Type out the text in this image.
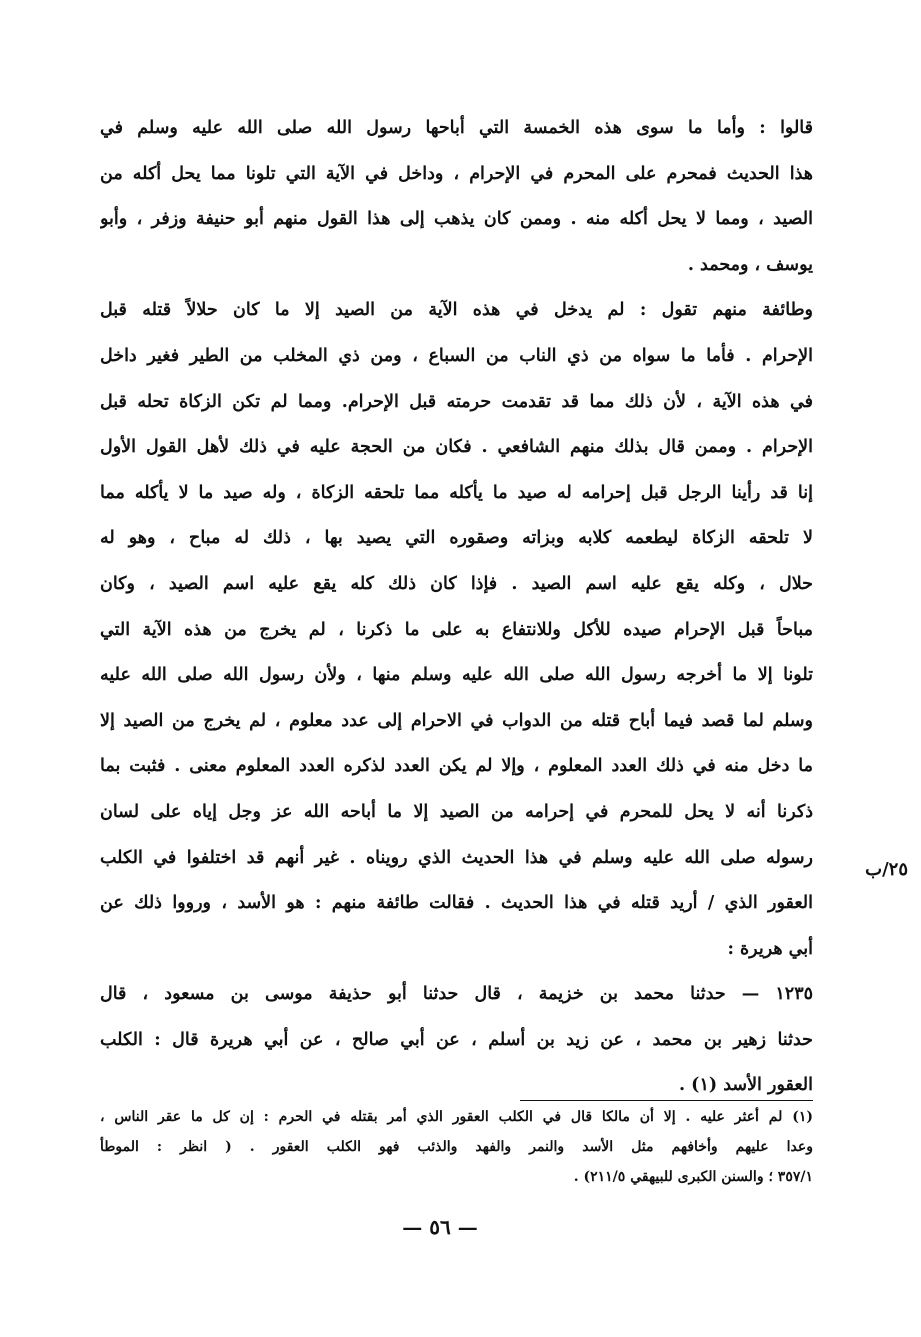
قالوا : وأما ما سوى هذه الخمسة التي أباحها رسول الله صلى الله عليه وسلم في
هذا الحديث فمحرم على المحرم في الإحرام ، وداخل في الآية التي تلونا مما يحل أكله من
الصيد ، ومما لا يحل أكله منه . وممن كان يذهب إلى هذا القول منهم أبو حنيفة وزفر ، وأبو
يوسف ، ومحمد .
وطائفة منهم تقول : لم يدخل في هذه الآية من الصيد إلا ما كان حلالاً قتله قبل
الإحرام . فأما ما سواه من ذي الناب من السباع ، ومن ذي المخلب من الطير فغير داخل
في هذه الآية ، لأن ذلك مما قد تقدمت حرمته قبل الإحرام. ومما لم تكن الزكاة تحله قبل
الإحرام . وممن قال بذلك منهم الشافعي . فكان من الحجة عليه في ذلك لأهل القول الأول
إنا قد رأينا الرجل قبل إحرامه له صيد ما يأكله مما تلحقه الزكاة ، وله صيد ما لا يأكله مما
لا تلحقه الزكاة ليطعمه كلابه وبزاته وصقوره التي يصيد بها ، ذلك له مباح ، وهو له
حلال ، وكله يقع عليه اسم الصيد . فإذا كان ذلك كله يقع عليه اسم الصيد ، وكان
مباحاً قبل الإحرام صيده للأكل وللانتفاع به على ما ذكرنا ، لم يخرج من هذه الآية التي
تلونا إلا ما أخرجه رسول الله صلى الله عليه وسلم منها ، ولأن رسول الله صلى الله عليه
وسلم لما قصد فيما أباح قتله من الدواب في الاحرام إلى عدد معلوم ، لم يخرج من الصيد إلا
ما دخل منه في ذلك العدد المعلوم ، وإلا لم يكن العدد لذكره العدد المعلوم معنى . فثبت بما
ذكرنا أنه لا يحل للمحرم في إحرامه من الصيد إلا ما أباحه الله عز وجل إياه على لسان
رسوله صلى الله عليه وسلم في هذا الحديث الذي رويناه . غير أنهم قد اختلفوا في الكلب
العقور الذي / أريد قتله في هذا الحديث . فقالت طائفة منهم : هو الأسد ، ورووا ذلك عن
أبي هريرة :
١٢٣٥ — حدثنا محمد بن خزيمة ، قال حدثنا أبو حذيفة موسى بن مسعود ، قال
حدثنا زهير بن محمد ، عن زيد بن أسلم ، عن أبي صالح ، عن أبي هريرة قال : الكلب
العقور الأسد (١) .
٢٥/ب
(١) لم أعثر عليه . إلا أن مالكا قال في الكلب العقور الذي أمر بقتله في الحرم : إن كل ما عقر الناس ،
وعدا عليهم وأخافهم مثل الأسد والنمر والفهد والذئب فهو الكلب العقور . ( انظر : الموطأ
٣٥٧/١ ؛ والسنن الكبرى للبيهقي ٢١١/٥) .
— ٥٦ —
